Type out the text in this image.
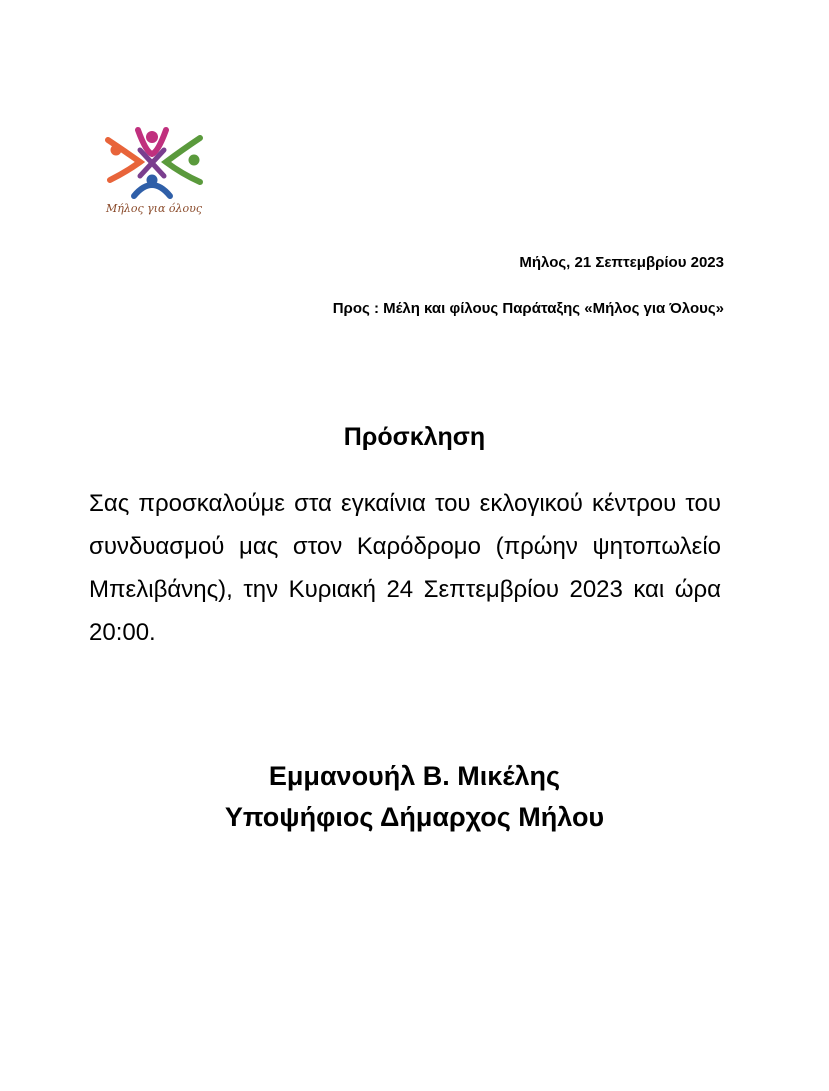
Μήλος για όλους
Μήλος, 21 Σεπτεμβρίου 2023
Προς : Μέλη και φίλους Παράταξης «Μήλος για Όλους»
Πρόσκληση
Σας προσκαλούμε στα εγκαίνια του εκλογικού κέντρου του συνδυασμού μας στον Καρόδρομο (πρώην ψητοπωλείο Μπελιβάνης), την Κυριακή 24 Σεπτεμβρίου 2023 και ώρα 20:00.
Εμμανουήλ Β. Μικέλης
Υποψήφιος Δήμαρχος Μήλου
